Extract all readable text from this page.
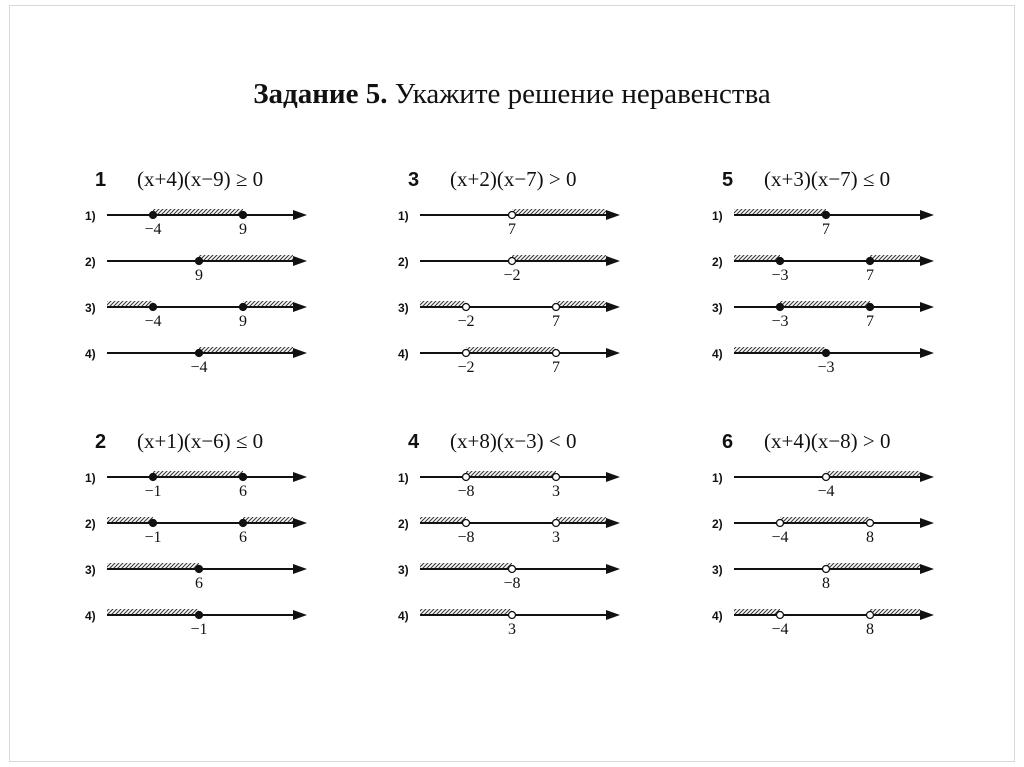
Задание 5. Укажите решение неравенства
1 (x+4)(x−9) ≥ 0
1)
−4	9
2)
9
3)
−4	9
4)
−4
2 (x+1)(x−6) ≤ 0
1)
−1	6
2)
−1	6
3)
6
4)
−1
3 (x+2)(x−7) > 0
1)
7
2)
−2
3)
−2	7
4)
−2	7
4 (x+8)(x−3) < 0
1)
−8	3
2)
−8	3
3)
−8
4)
3
5 (x+3)(x−7) ≤ 0
1)
7
2)
−3	7
3)
−3	7
4)
−3
6 (x+4)(x−8) > 0
1)
−4
2)
−4	8
3)
8
4)
−4	8
